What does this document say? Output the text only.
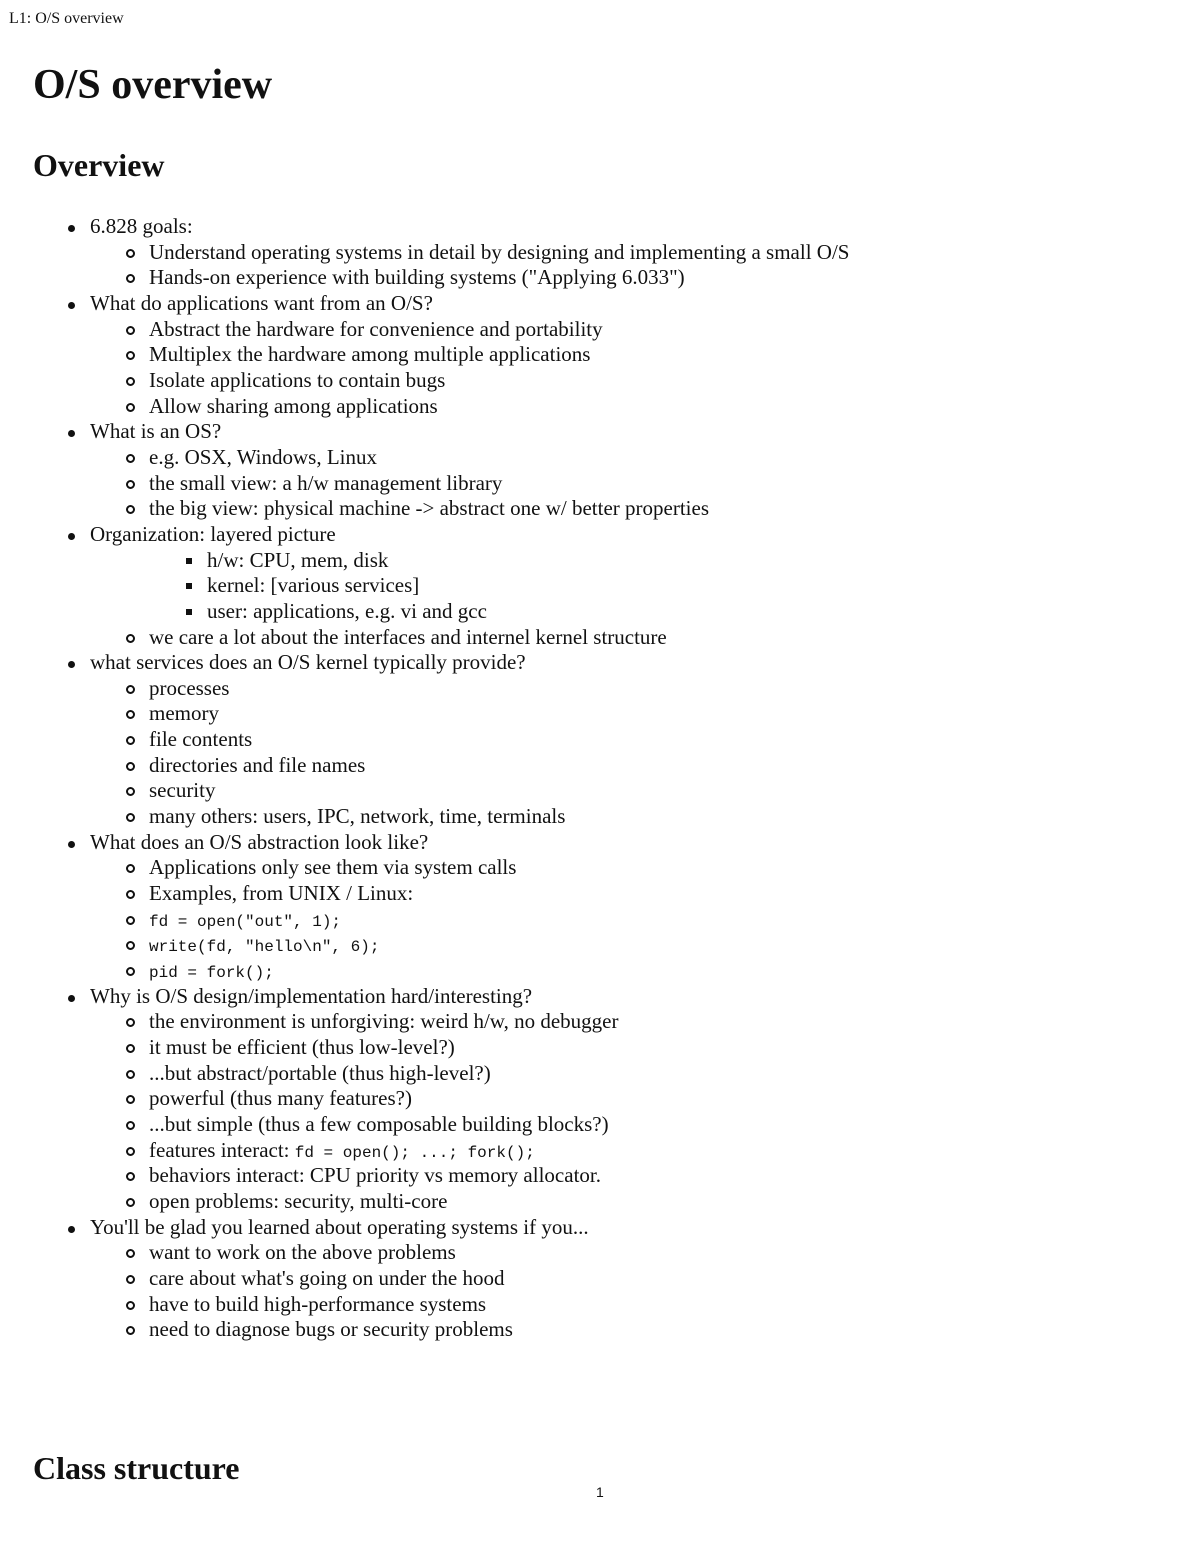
L1: O/S overview
O/S overview
Overview
6.828 goals:
Understand operating systems in detail by designing and implementing a small O/S
Hands-on experience with building systems ("Applying 6.033")
What do applications want from an O/S?
Abstract the hardware for convenience and portability
Multiplex the hardware among multiple applications
Isolate applications to contain bugs
Allow sharing among applications
What is an OS?
e.g. OSX, Windows, Linux
the small view: a h/w management library
the big view: physical machine -> abstract one w/ better properties
Organization: layered picture
h/w: CPU, mem, disk
kernel: [various services]
user: applications, e.g. vi and gcc
we care a lot about the interfaces and internel kernel structure
what services does an O/S kernel typically provide?
processes
memory
file contents
directories and file names
security
many others: users, IPC, network, time, terminals
What does an O/S abstraction look like?
Applications only see them via system calls
Examples, from UNIX / Linux:
fd = open("out", 1);
write(fd, "hello\n", 6);
pid = fork();
Why is O/S design/implementation hard/interesting?
the environment is unforgiving: weird h/w, no debugger
it must be efficient (thus low-level?)
...but abstract/portable (thus high-level?)
powerful (thus many features?)
...but simple (thus a few composable building blocks?)
features interact: fd = open(); ...; fork();
behaviors interact: CPU priority vs memory allocator.
open problems: security, multi-core
You'll be glad you learned about operating systems if you...
want to work on the above problems
care about what's going on under the hood
have to build high-performance systems
need to diagnose bugs or security problems
Class structure
1
